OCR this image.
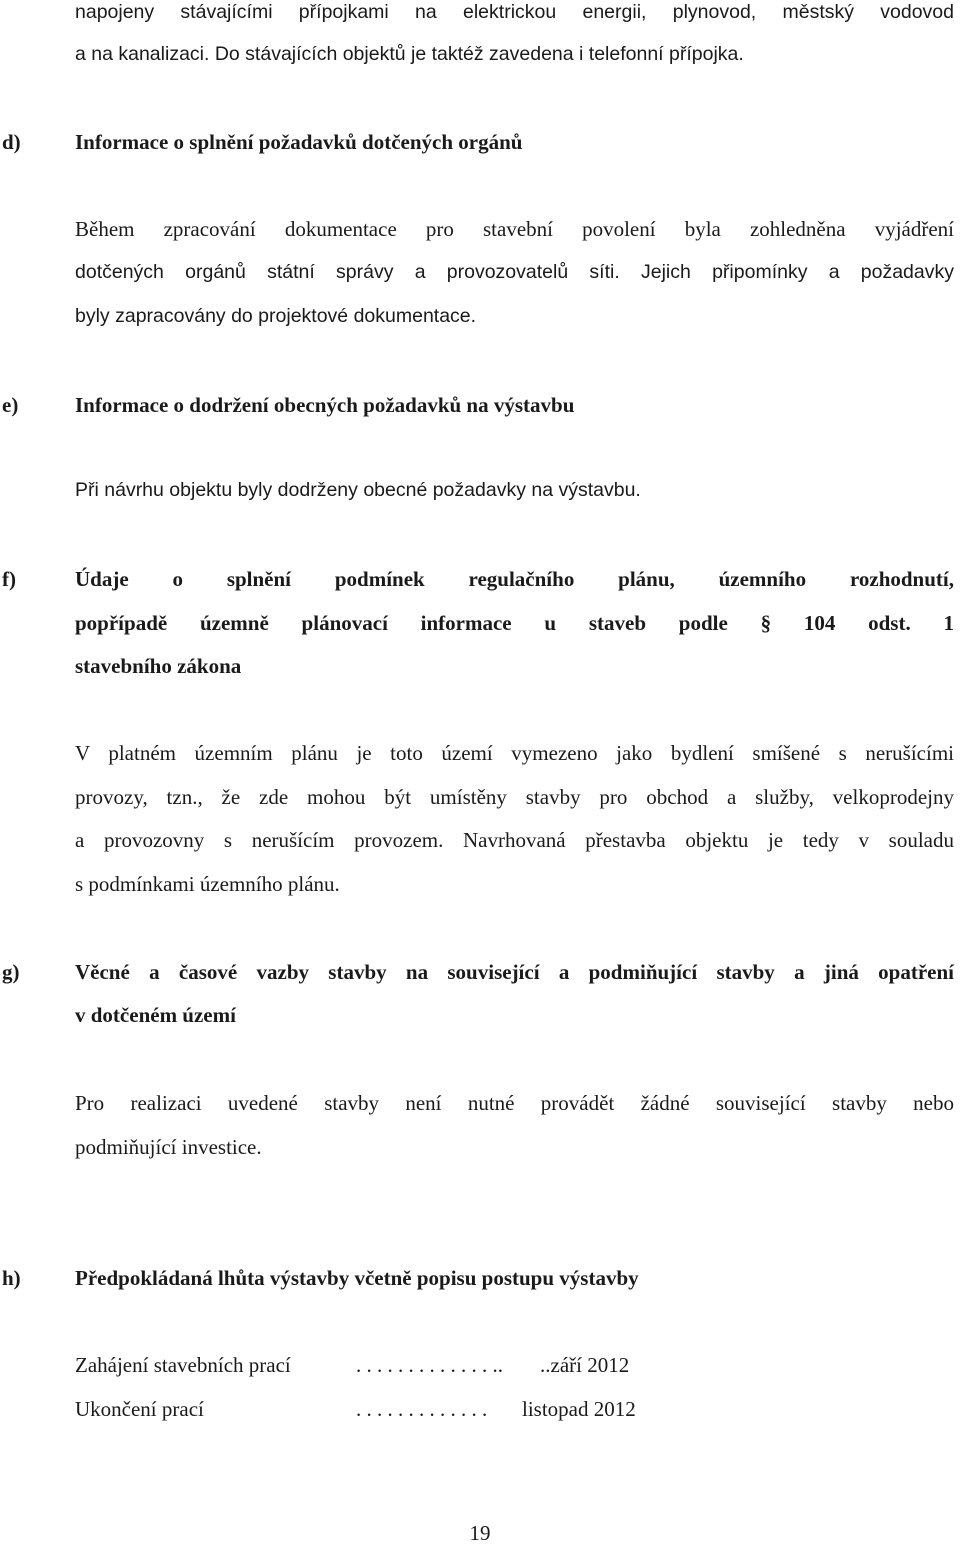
napojeny stávajícími přípojkami na elektrickou energii, plynovod, městský vodovod
a na kanalizaci. Do stávajících objektů je taktéž zavedena i telefonní přípojka.
d)	Informace o splnění požadavků dotčených orgánů
Během zpracování dokumentace pro stavební povolení byla zohledněna vyjádření
dotčených orgánů státní správy a provozovatelů síti. Jejich připomínky a požadavky
byly zapracovány do projektové dokumentace.
e)	Informace o dodržení obecných požadavků na výstavbu
Při návrhu objektu byly dodrženy obecné požadavky na výstavbu.
f)	Údaje o splnění podmínek regulačního plánu, územního rozhodnutí,
popřípadě územně plánovací informace u staveb podle § 104 odst. 1
stavebního zákona
V platném územním plánu je toto území vymezeno jako bydlení smíšené s nerušícími
provozy, tzn., že zde mohou být umístěny stavby pro obchod a služby, velkoprodejny
a provozovny s nerušícím provozem. Navrhovaná přestavba objektu je tedy v souladu
s podmínkami územního plánu.
g)	Věcné a časové vazby stavby na související a podmiňující stavby a jiná opatření
v dotčeném území
Pro realizaci uvedené stavby není nutné provádět žádné související stavby nebo
podmiňující investice.
h)	Předpokládaná lhůta výstavby včetně popisu postupu výstavby
Zahájení stavebních prací	. . . . . . . . . . . . . .. ..září 2012
Ukončení prací	. . . . . . . . . . . . . listopad 2012
19
